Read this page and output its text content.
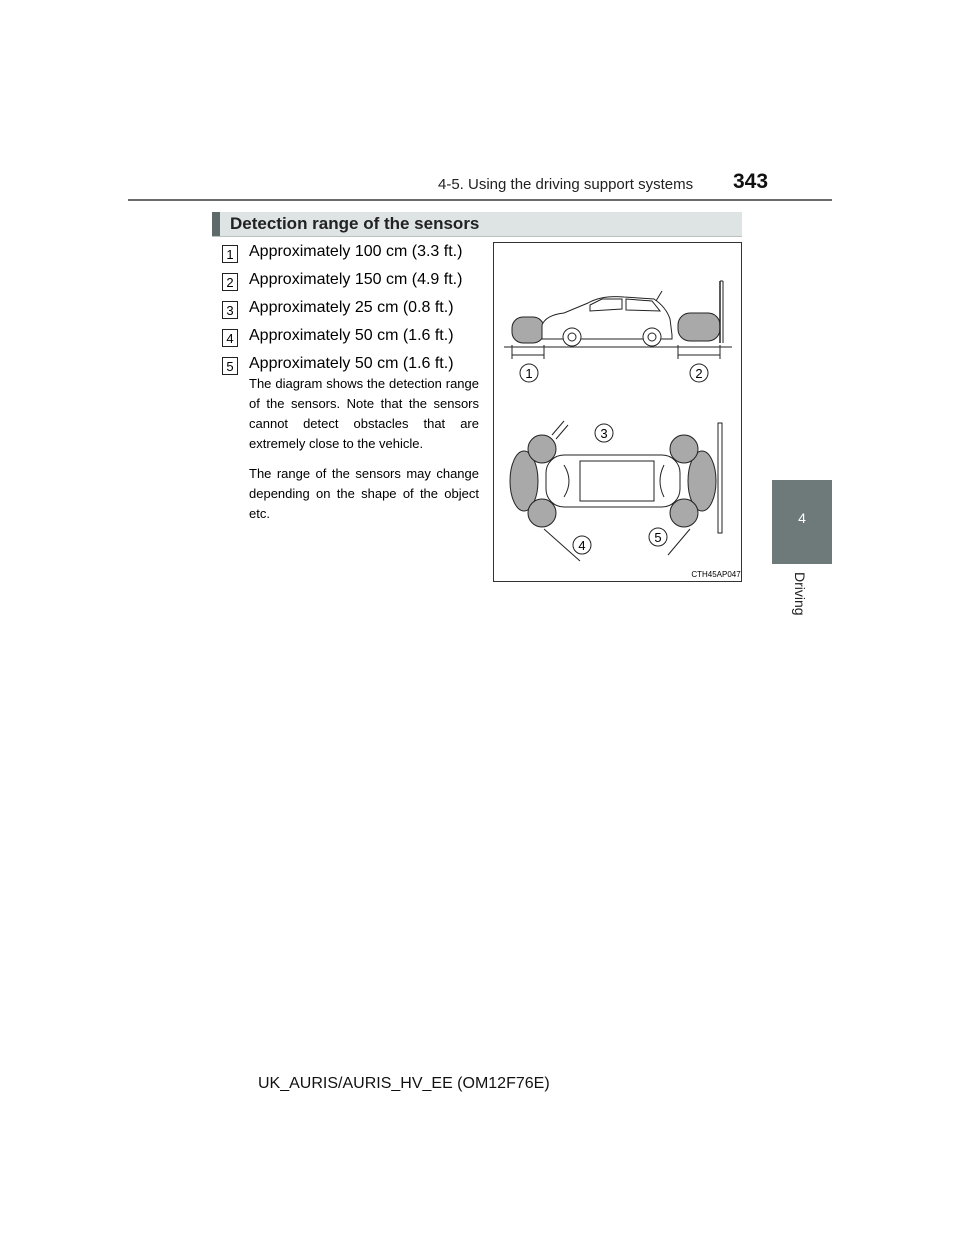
4-5. Using the driving support systems 343
4
Driving
Detection range of the sensors
1 Approximately 100 cm (3.3 ft.)
2 Approximately 150 cm (4.9 ft.)
3 Approximately 25 cm (0.8 ft.)
4 Approximately 50 cm (1.6 ft.)
5 Approximately 50 cm (1.6 ft.)

The diagram shows the detection range of the sensors. Note that the sensors cannot detect obstacles that are extremely close to the vehicle.

The range of the sensors may change depending on the shape of the object etc.

1	2
3
4
5
CTH45AP047
UK_AURIS/AURIS_HV_EE (OM12F76E)
